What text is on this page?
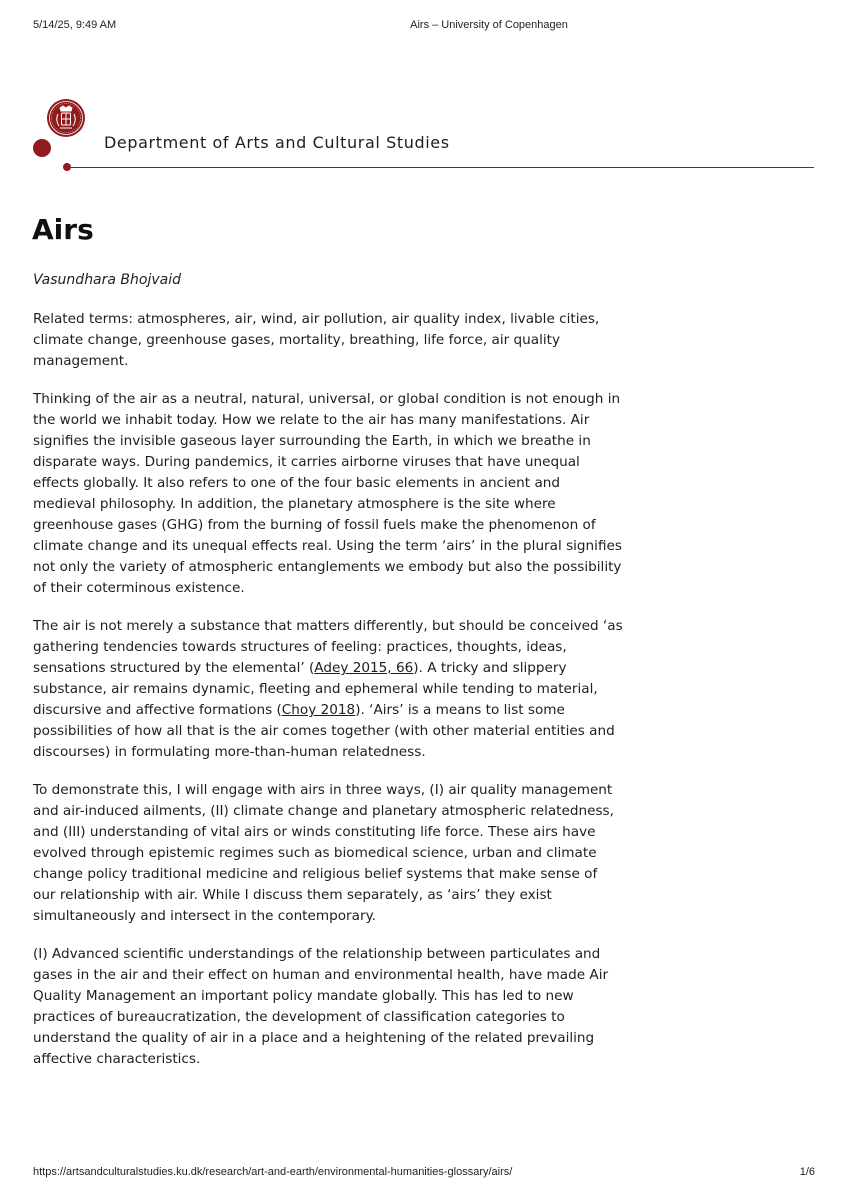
5/14/25, 9:49 AM	Airs – University of Copenhagen
Department of Arts and Cultural Studies
Airs
Vasundhara Bhojvaid

Related terms: atmospheres, air, wind, air pollution, air quality index, livable cities, climate change, greenhouse gases, mortality, breathing, life force, air quality management.

Thinking of the air as a neutral, natural, universal, or global condition is not enough in the world we inhabit today. How we relate to the air has many manifestations. Air signifies the invisible gaseous layer surrounding the Earth, in which we breathe in disparate ways. During pandemics, it carries airborne viruses that have unequal effects globally. It also refers to one of the four basic elements in ancient and medieval philosophy. In addition, the planetary atmosphere is the site where greenhouse gases (GHG) from the burning of fossil fuels make the phenomenon of climate change and its unequal effects real. Using the term ‘airs’ in the plural signifies not only the variety of atmospheric entanglements we embody but also the possibility of their coterminous existence.

The air is not merely a substance that matters differently, but should be conceived ‘as gathering tendencies towards structures of feeling: practices, thoughts, ideas, sensations structured by the elemental’ (Adey 2015, 66). A tricky and slippery substance, air remains dynamic, fleeting and ephemeral while tending to material, discursive and affective formations (Choy 2018). ‘Airs’ is a means to list some possibilities of how all that is the air comes together (with other material entities and discourses) in formulating more-than-human relatedness.

To demonstrate this, I will engage with airs in three ways, (I) air quality management and air-induced ailments, (II) climate change and planetary atmospheric relatedness, and (III) understanding of vital airs or winds constituting life force. These airs have evolved through epistemic regimes such as biomedical science, urban and climate change policy traditional medicine and religious belief systems that make sense of our relationship with air. While I discuss them separately, as ‘airs’ they exist simultaneously and intersect in the contemporary.

(I) Advanced scientific understandings of the relationship between particulates and gases in the air and their effect on human and environmental health, have made Air Quality Management an important policy mandate globally. This has led to new practices of bureaucratization, the development of classification categories to understand the quality of air in a place and a heightening of the related prevailing affective characteristics.

https://artsandculturalstudies.ku.dk/research/art-and-earth/environmental-humanities-glossary/airs/	1/6
